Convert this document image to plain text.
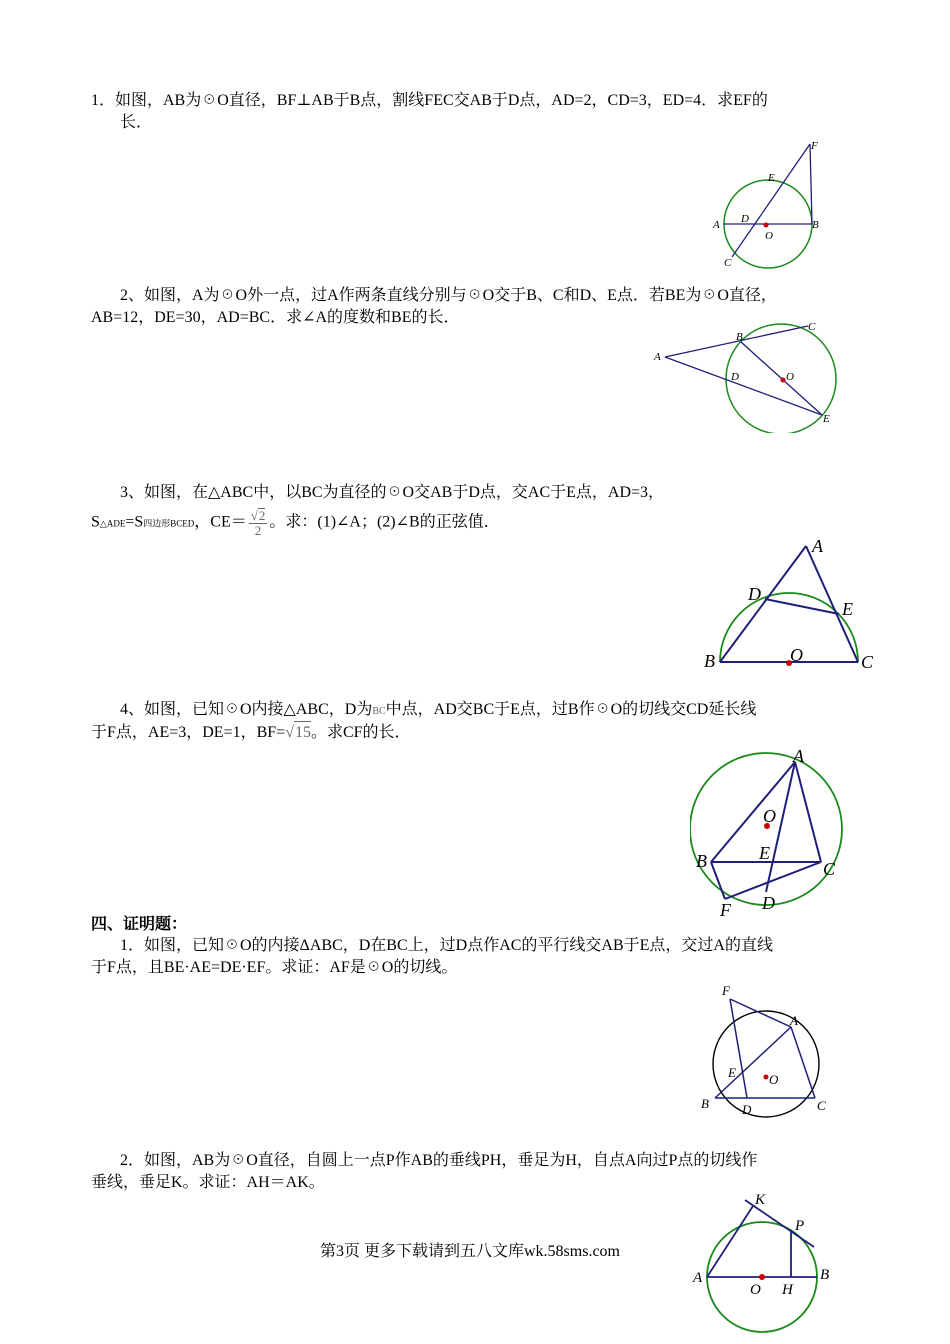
1．如图，AB为☉O直径，BF⊥AB于B点，割线FEC交AB于D点，AD=2，CD=3，ED=4．求EF的
长．
F
E
D
A	B
O
C
2、如图，A为☉O外一点，过A作两条直线分别与☉O交于B、C和D、E点．若BE为☉O直径，
AB=12，DE=30，AD=BC．求∠A的度数和BE的长．
A
B
C
D	O
E
3、如图，在△ABC中，以BC为直径的☉O交AB于D点，交AC于E点，AD=3，
S△ADE=S四边形BCED，$CE= \frac{√2}{2}$ 。求：(1)∠A；(2)∠B的正弦值．
A
D
E
B	O	C
4、如图，已知☉O内接△ABC，D为BC中点，AD交BC于E点，过B作☉O的切线交CD延长线
于F点，AE=3，DE=1，BF=√15。求CF的长．
A
O
B	E
C
D
F
四、证明题：
1．如图，已知☉O的内接ΔABC，D在BC上，过D点作AC的平行线交AB于E点，交过A的直线
于F点，且BE·AE=DE·EF。求证：AF是☉O的切线。
F
A
E	O
B	D	C
2．如图，AB为☉O直径，自圆上一点P作AB的垂线PH，垂足为H，自点A向过P点的切线作
垂线，垂足K。求证：AH＝AK。
K
P
A	B
O H
第3页 更多下载请到五八文库wk.58sms.com
